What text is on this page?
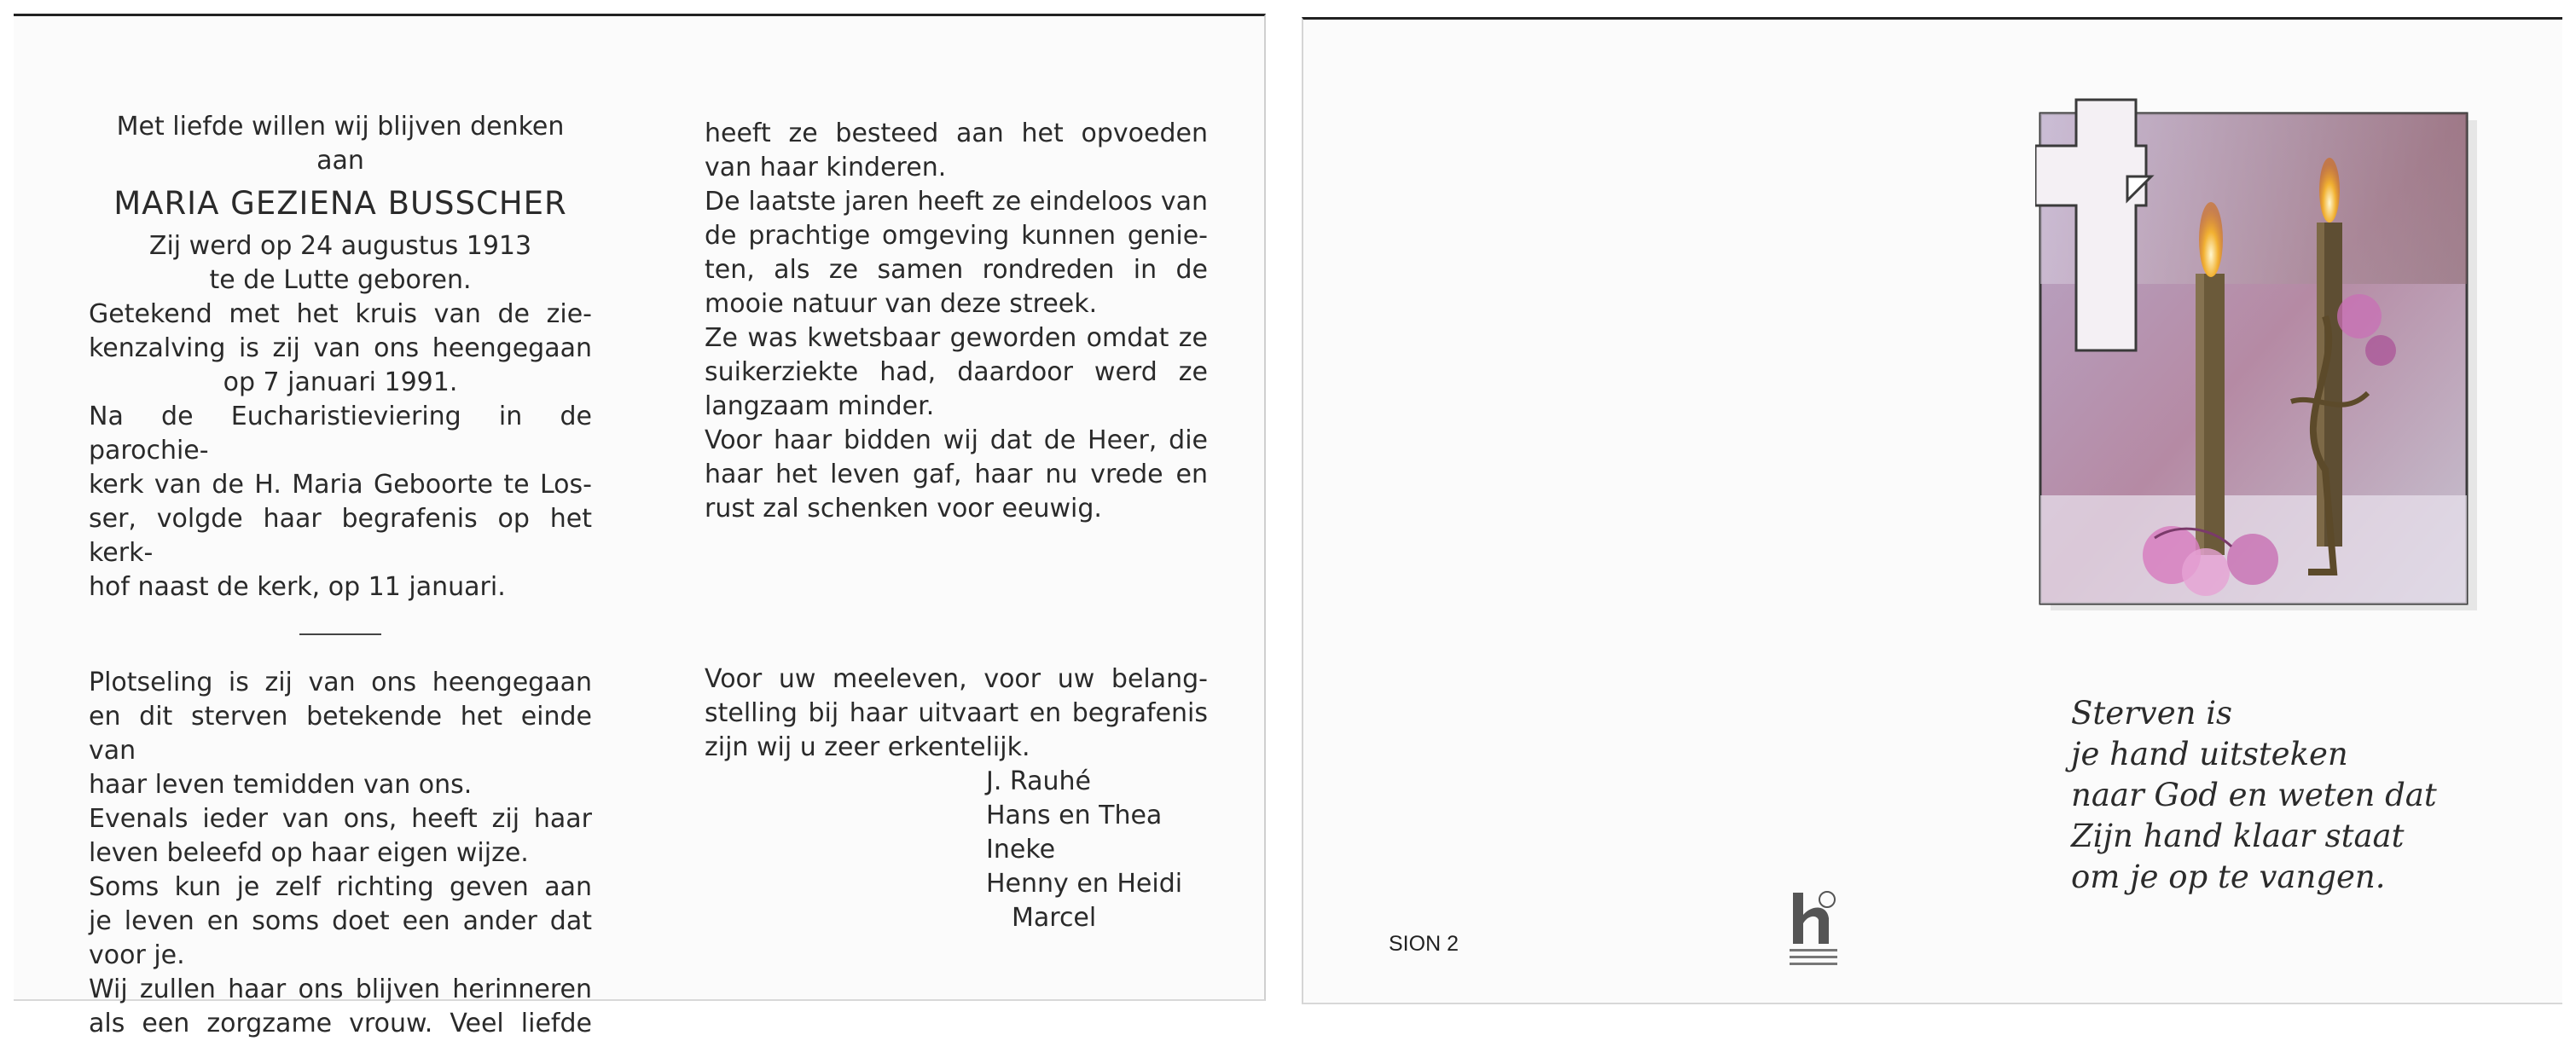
Met liefde willen wij blijven denken

aan

MARIA GEZIENA BUSSCHER

Zij werd op 24 augustus 1913

te de Lutte geboren.

Getekend met het kruis van de zie-

kenzalving is zij van ons heengegaan

op 7 januari 1991.

Na de Eucharistieviering in de parochie-

kerk van de H. Maria Geboorte te Los-

ser, volgde haar begrafenis op het kerk-

hof naast de kerk, op 11 januari.

Plotseling is zij van ons heengegaan

en dit sterven betekende het einde van

haar leven temidden van ons.

Evenals ieder van ons, heeft zij haar

leven beleefd op haar eigen wijze.

Soms kun je zelf richting geven aan

je leven en soms doet een ander dat

voor je.

Wij zullen haar ons blijven herinneren

als een zorgzame vrouw. Veel liefde

heeft ze besteed aan het opvoeden

van haar kinderen.

De laatste jaren heeft ze eindeloos van

de prachtige omgeving kunnen genie-

ten, als ze samen rondreden in de

mooie natuur van deze streek.

Ze was kwetsbaar geworden omdat ze

suikerziekte had, daardoor werd ze

langzaam minder.

Voor haar bidden wij dat de Heer, die

haar het leven gaf, haar nu vrede en

rust zal schenken voor eeuwig.

Voor uw meeleven, voor uw belang-

stelling bij haar uitvaart en begrafenis

zijn wij u zeer erkentelijk.

J. Rauhé

Hans en Thea

Ineke

Henny en Heidi

Marcel

Sterven is
je hand uitsteken
naar God en weten dat
Zijn hand klaar staat
om je op te vangen.
SION 2
